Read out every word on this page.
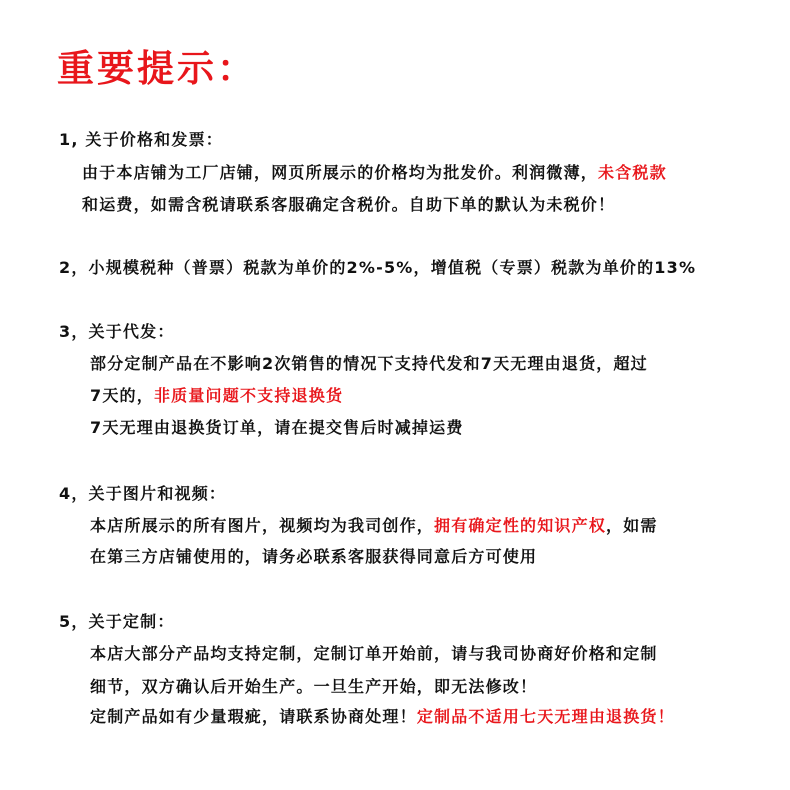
重要提示：
1, 关于价格和发票：
由于本店铺为工厂店铺，网页所展示的价格均为批发价。利润微薄，未含税款
和运费，如需含税请联系客服确定含税价。自助下单的默认为未税价！
2，小规模税种（普票）税款为单价的2%-5%，增值税（专票）税款为单价的13%
3，关于代发：
部分定制产品在不影响2次销售的情况下支持代发和7天无理由退货，超过
7天的，非质量问题不支持退换货
7天无理由退换货订单，请在提交售后时减掉运费
4，关于图片和视频：
本店所展示的所有图片，视频均为我司创作，拥有确定性的知识产权，如需
在第三方店铺使用的，请务必联系客服获得同意后方可使用
5，关于定制：
本店大部分产品均支持定制，定制订单开始前，请与我司协商好价格和定制
细节，双方确认后开始生产。一旦生产开始，即无法修改！
定制产品如有少量瑕疵，请联系协商处理！定制品不适用七天无理由退换货！
